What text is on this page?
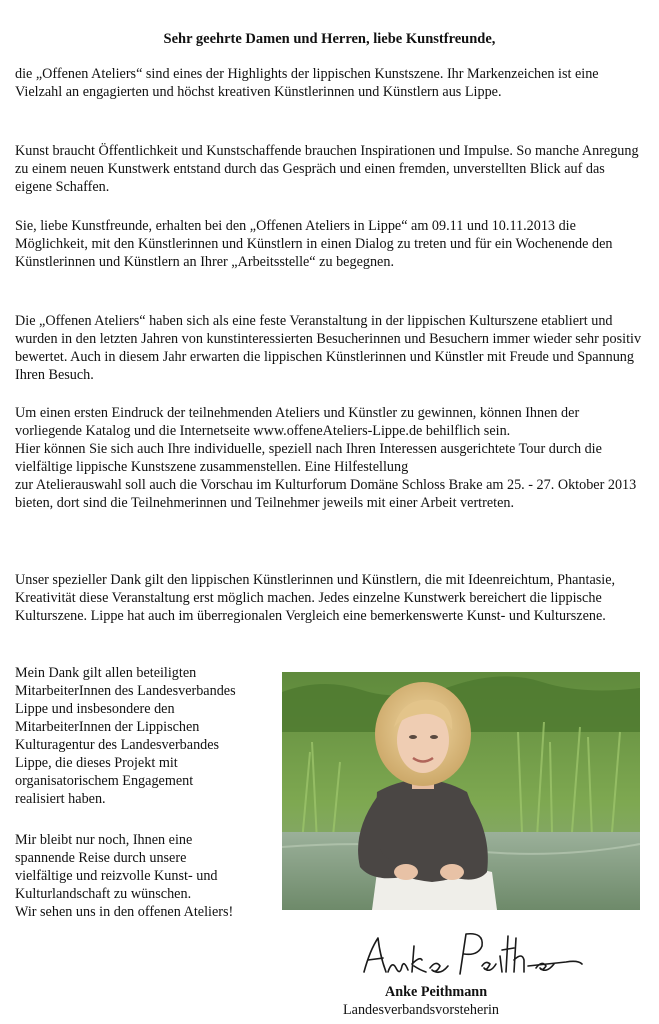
Sehr geehrte Damen und Herren, liebe Kunstfreunde,

die „Offenen Ateliers“ sind eines der Highlights der lippischen Kunstszene. Ihr Markenzeichen ist eine Vielzahl an engagierten und höchst kreativen Künstlerinnen und Künstlern aus Lippe.

Kunst braucht Öffentlichkeit und Kunstschaffende brauchen Inspirationen und Impulse. So manche Anregung zu einem neuen Kunstwerk entstand durch das Gespräch und einen fremden, unverstellten Blick auf das eigene Schaffen.

Sie, liebe Kunstfreunde, erhalten bei den „Offenen Ateliers in Lippe“ am 09.11 und 10.11.2013 die Möglichkeit, mit den Künstlerinnen und Künstlern in einen Dialog zu treten und für ein Wochenende den Künstlerinnen und Künstlern an Ihrer „Arbeitsstelle“ zu begegnen.

Die „Offenen Ateliers“ haben sich als eine feste Veranstaltung in der lippischen Kulturszene etabliert und wurden in den letzten Jahren von kunstinteressierten Besucherinnen und Besuchern immer wieder sehr positiv bewertet. Auch in diesem Jahr erwarten die lippischen Künstlerinnen und Künstler mit Freude und Spannung Ihren Besuch.

Um einen ersten Eindruck der teilnehmenden Ateliers und Künstler zu gewinnen, können Ihnen der vorliegende Katalog und die Internetseite www.offeneAteliers-Lippe.de behilflich sein.
Hier können Sie sich auch Ihre individuelle, speziell nach Ihren Interessen ausgerichtete Tour durch die vielfältige lippische Kunstszene zusammenstellen. Eine Hilfestellung
zur Atelierauswahl soll auch die Vorschau im Kulturforum Domäne Schloss Brake am 25. - 27. Oktober 2013 bieten, dort sind die Teilnehmerinnen und Teilnehmer jeweils mit einer Arbeit vertreten.

Unser spezieller Dank gilt den lippischen Künstlerinnen und Künstlern, die mit Ideenreichtum, Phantasie, Kreativität diese Veranstaltung erst möglich machen. Jedes einzelne Kunstwerk bereichert die lippische Kulturszene. Lippe hat auch im überregionalen Vergleich eine bemerkenswerte Kunst- und Kulturszene.

Mein Dank gilt allen beteiligten
MitarbeiterInnen des Landesverbandes
Lippe und insbesondere den
MitarbeiterInnen der Lippischen
Kulturagentur des Landesverbandes
Lippe, die dieses Projekt mit
organisatorischem Engagement
realisiert haben.

Mir bleibt nur noch, Ihnen eine
spannende Reise durch unsere
vielfältige und reizvolle Kunst- und
Kulturlandschaft zu wünschen.
Wir sehen uns in den offenen Ateliers!

Anke Peithmann
Landesverbandsvorsteherin
